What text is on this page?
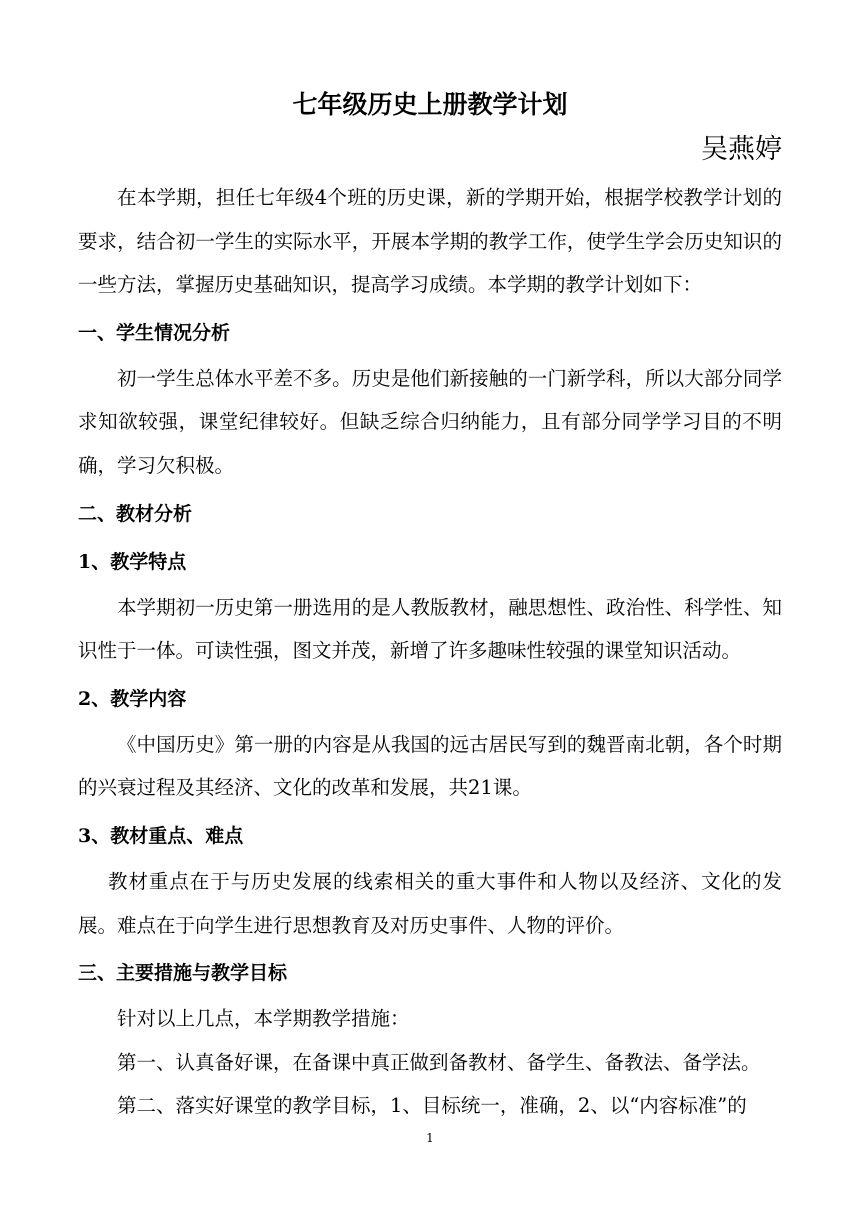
七年级历史上册教学计划

吴燕婷

在本学期，担任七年级4个班的历史课，新的学期开始，根据学校教学计划的要求，结合初一学生的实际水平，开展本学期的教学工作，使学生学会历史知识的一些方法，掌握历史基础知识，提高学习成绩。本学期的教学计划如下：

一、学生情况分析

初一学生总体水平差不多。历史是他们新接触的一门新学科，所以大部分同学求知欲较强，课堂纪律较好。但缺乏综合归纳能力，且有部分同学学习目的不明确，学习欠积极。

二、教材分析
1、教学特点

本学期初一历史第一册选用的是人教版教材，融思想性、政治性、科学性、知识性于一体。可读性强，图文并茂，新增了许多趣味性较强的课堂知识活动。

2、教学内容

《中国历史》第一册的内容是从我国的远古居民写到的魏晋南北朝，各个时期的兴衰过程及其经济、文化的改革和发展，共21课。

3、教材重点、难点

教材重点在于与历史发展的线索相关的重大事件和人物以及经济、文化的发展。难点在于向学生进行思想教育及对历史事件、人物的评价。

三、主要措施与教学目标

针对以上几点，本学期教学措施：

第一、认真备好课，在备课中真正做到备教材、备学生、备教法、备学法。

第二、落实好课堂的教学目标，1、目标统一，准确，2、以“内容标准”的

1
